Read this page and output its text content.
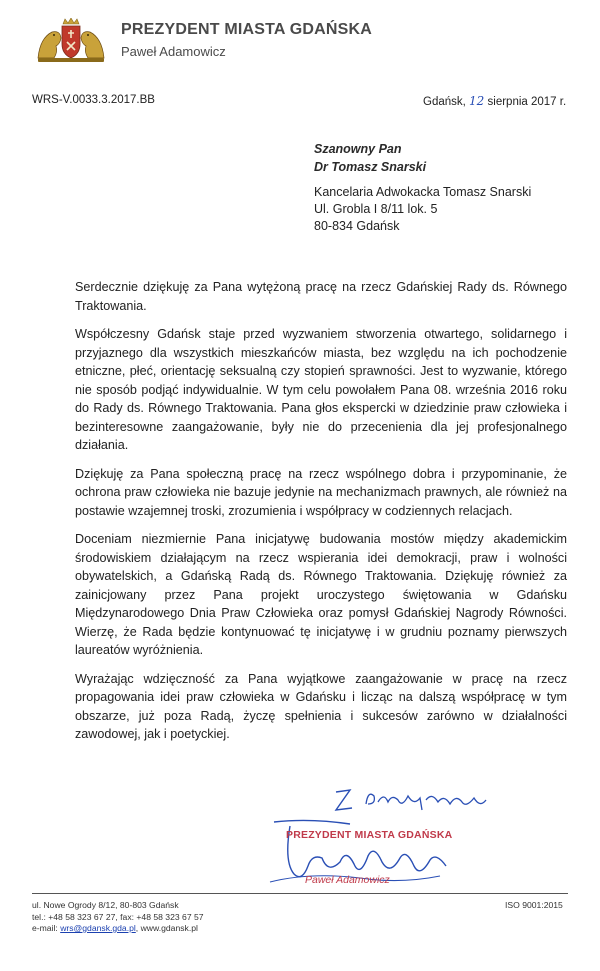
PREZYDENT MIASTA GDAŃSKA
Paweł Adamowicz
WRS-V.0033.3.2017.BB	Gdańsk, 12 sierpnia 2017 r.
Szanowny Pan
Dr Tomasz Snarski
Kancelaria Adwokacka Tomasz Snarski
Ul. Grobla I 8/11 lok. 5
80-834 Gdańsk

Serdecznie dziękuję za Pana wytężoną pracę na rzecz Gdańskiej Rady ds. Równego Traktowania.

Współczesny Gdańsk staje przed wyzwaniem stworzenia otwartego, solidarnego i przyjaznego dla wszystkich mieszkańców miasta, bez względu na ich pochodzenie etniczne, płeć, orientację seksualną czy stopień sprawności. Jest to wyzwanie, którego nie sposób podjąć indywidualnie. W tym celu powołałem Pana 08. września 2016 roku do Rady ds. Równego Traktowania. Pana głos ekspercki w dziedzinie praw człowieka i bezinteresowne zaangażowanie, były nie do przecenienia dla jej profesjonalnego działania.

Dziękuję za Pana społeczną pracę na rzecz wspólnego dobra i przypominanie, że ochrona praw człowieka nie bazuje jedynie na mechanizmach prawnych, ale również na postawie wzajemnej troski, zrozumienia i współpracy w codziennych relacjach.

Doceniam niezmiernie Pana inicjatywę budowania mostów między akademickim środowiskiem działającym na rzecz wspierania idei demokracji, praw i wolności obywatelskich, a Gdańską Radą ds. Równego Traktowania. Dziękuję również za zainicjowany przez Pana projekt uroczystego świętowania w Gdańsku Międzynarodowego Dnia Praw Człowieka oraz pomysł Gdańskiej Nagrody Równości. Wierzę, że Rada będzie kontynuować tę inicjatywę i w grudniu poznamy pierwszych laureatów wyróżnienia.

Wyrażając wdzięczność za Pana wyjątkowe zaangażowanie w pracę na rzecz propagowania idei praw człowieka w Gdańsku i licząc na dalszą współpracę w tym obszarze, już poza Radą, życzę spełnienia i sukcesów zarówno w działalności zawodowej, jak i poetyckiej.

PREZYDENT MIASTA GDAŃSKA
Paweł Adamowicz
ul. Nowe Ogrody 8/12, 80-803 Gdańsk
tel.: +48 58 323 67 27, fax: +48 58 323 67 57
e-mail: wrs@gdansk.gda.pl, www.gdansk.pl
ISO 9001:2015
